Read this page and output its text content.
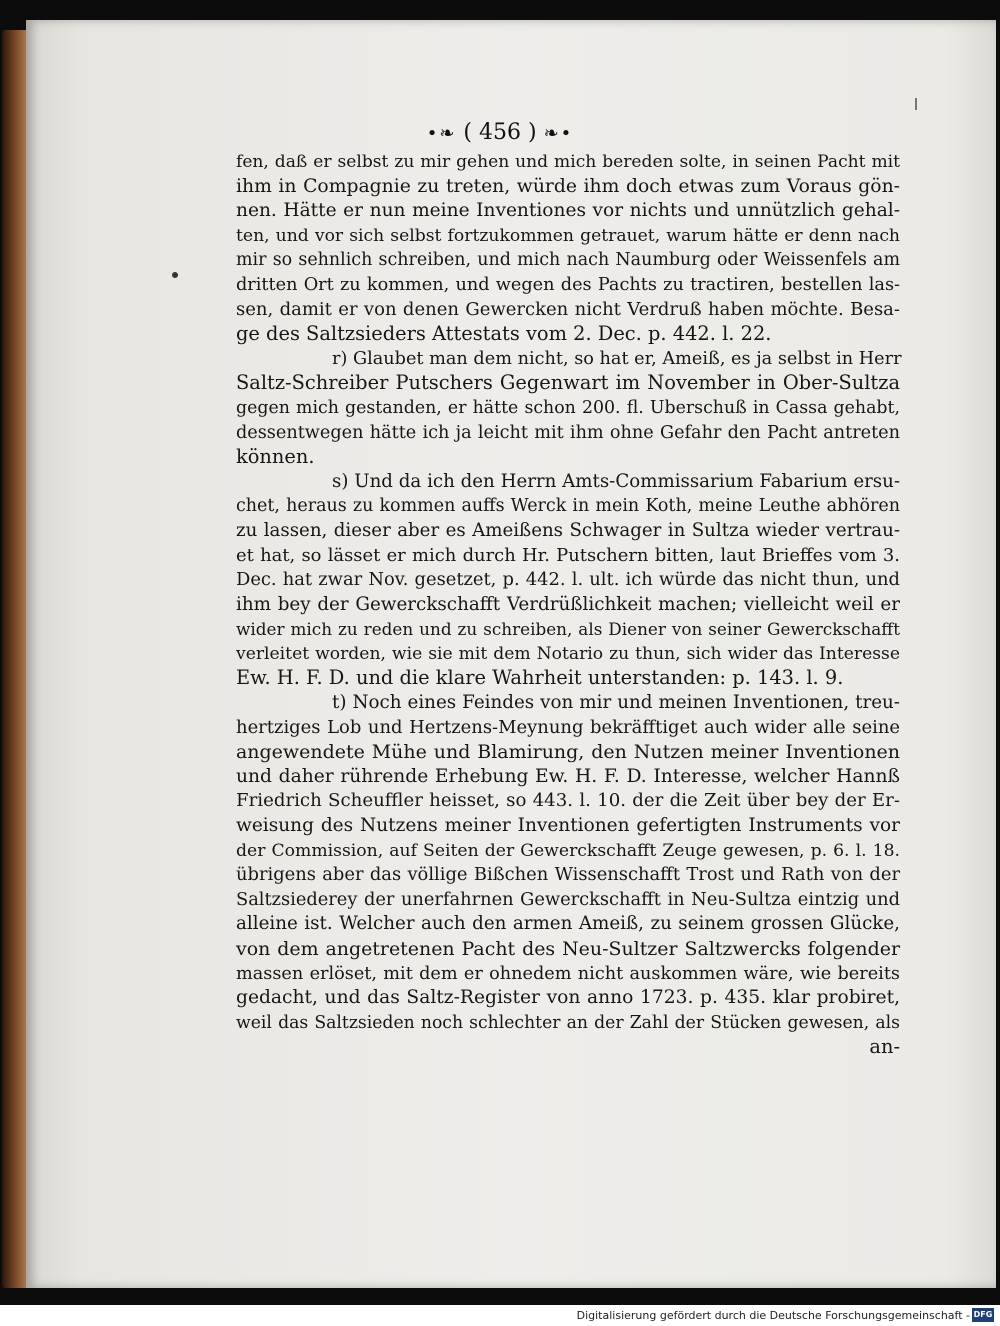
•❧ ( 456 ) ❧•
fen, daß er selbst zu mir gehen und mich bereden solte, in seinen Pacht mit
ihm in Compagnie zu treten, würde ihm doch etwas zum Voraus gön-
nen. Hätte er nun meine Inventiones vor nichts und unnützlich gehal-
ten, und vor sich selbst fortzukommen getrauet, warum hätte er denn nach
mir so sehnlich schreiben, und mich nach Naumburg oder Weissenfels am
dritten Ort zu kommen, und wegen des Pachts zu tractiren, bestellen las-
sen, damit er von denen Gewercken nicht Verdruß haben möchte. Besa-
ge des Saltzsieders Attestats vom 2. Dec. p. 442. l. 22.
r) Glaubet man dem nicht, so hat er, Ameiß, es ja selbst in Herr
Saltz-Schreiber Putschers Gegenwart im November in Ober-Sultza
gegen mich gestanden, er hätte schon 200. fl. Uberschuß in Cassa gehabt,
dessentwegen hätte ich ja leicht mit ihm ohne Gefahr den Pacht antreten
können.
s) Und da ich den Herrn Amts-Commissarium Fabarium ersu-
chet, heraus zu kommen auffs Werck in mein Koth, meine Leuthe abhören
zu lassen, dieser aber es Ameißens Schwager in Sultza wieder vertrau-
et hat, so lässet er mich durch Hr. Putschern bitten, laut Brieffes vom 3.
Dec. hat zwar Nov. gesetzet, p. 442. l. ult. ich würde das nicht thun, und
ihm bey der Gewerckschafft Verdrüßlichkeit machen; vielleicht weil er
wider mich zu reden und zu schreiben, als Diener von seiner Gewerckschafft
verleitet worden, wie sie mit dem Notario zu thun, sich wider das Interesse
Ew. H. F. D. und die klare Wahrheit unterstanden: p. 143. l. 9.
t) Noch eines Feindes von mir und meinen Inventionen, treu-
hertziges Lob und Hertzens-Meynung bekräfftiget auch wider alle seine
angewendete Mühe und Blamirung, den Nutzen meiner Inventionen
und daher rührende Erhebung Ew. H. F. D. Interesse, welcher Hannß
Friedrich Scheuffler heisset, so 443. l. 10. der die Zeit über bey der Er-
weisung des Nutzens meiner Inventionen gefertigten Instruments vor
der Commission, auf Seiten der Gewerckschafft Zeuge gewesen, p. 6. l. 18.
übrigens aber das völlige Bißchen Wissenschafft Trost und Rath von der
Saltzsiederey der unerfahrnen Gewerckschafft in Neu-Sultza eintzig und
alleine ist. Welcher auch den armen Ameiß, zu seinem grossen Glücke,
von dem angetretenen Pacht des Neu-Sultzer Saltzwercks folgender
massen erlöset, mit dem er ohnedem nicht auskommen wäre, wie bereits
gedacht, und das Saltz-Register von anno 1723. p. 435. klar probiret,
weil das Saltzsieden noch schlechter an der Zahl der Stücken gewesen, als
an-
Digitalisierung gefördert durch die Deutsche Forschungsgemeinschaft - DFG
